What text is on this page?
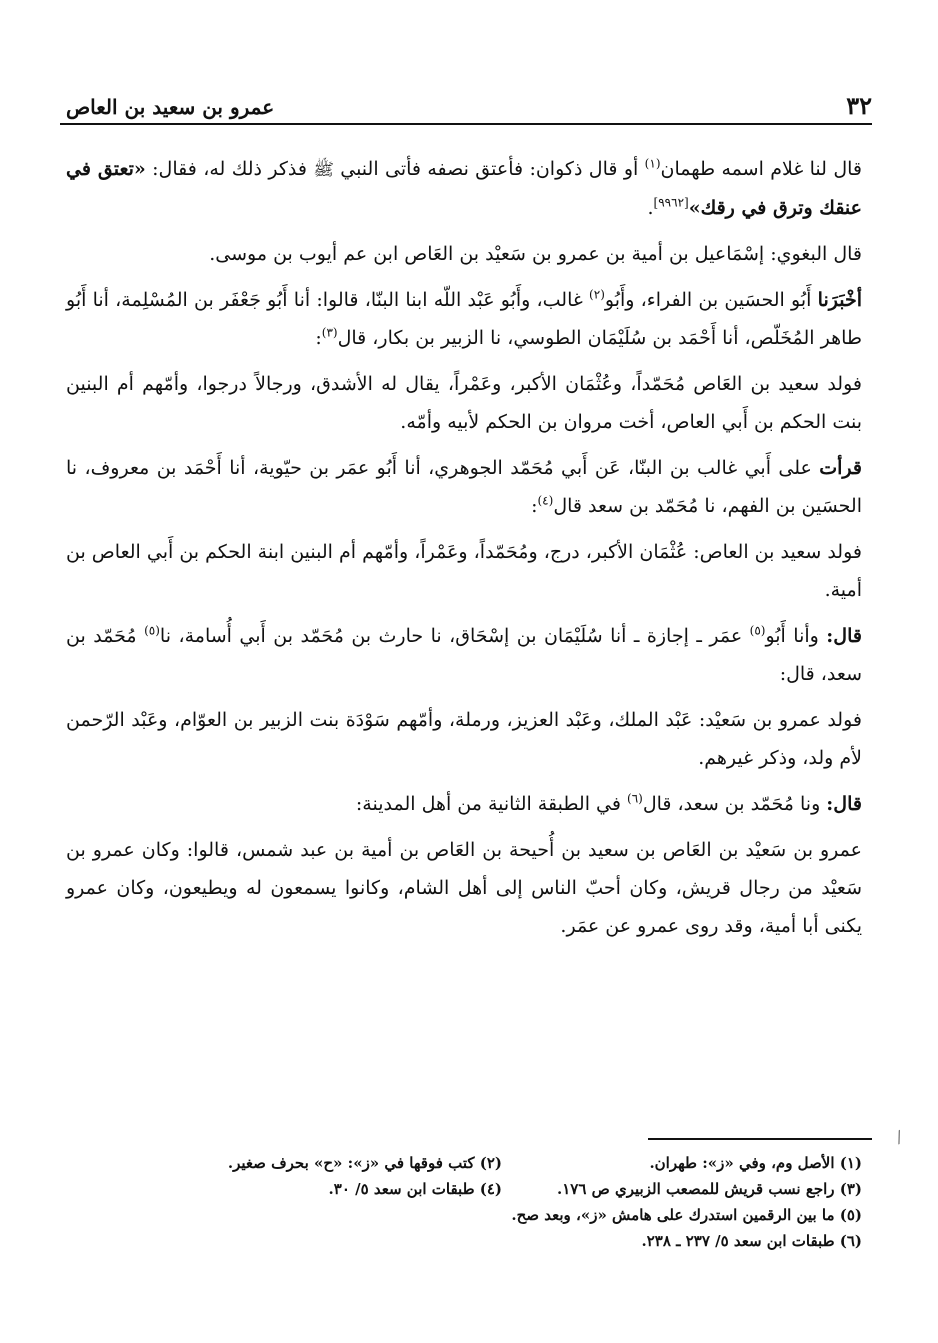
٣٢
عمرو بن سعيد بن العاص

قال لنا غلام اسمه طهمان$^{(١)}$ أو قال ذكوان: فأعتق نصفه فأتى النبي ﷺ فذكر ذلك له، فقال: «تعتق في عنقك وترق في رقك»[٩٩٦٢].

قال البغوي: إسْمَاعيل بن أمية بن عمرو بن سَعيْد بن العَاص ابن عم أيوب بن موسى.

أخْبَرَنا أَبُو الحسَين بن الفراء، وأَبُو$^{(٢)}$ غالب، وأَبُو عَبْد اللّه ابنا البنّا، قالوا: أنا أَبُو جَعْفَر بن المُسْلِمة، أنا أَبُو طاهر المُخَلّص، أنا أَحْمَد بن سُلَيْمَان الطوسي، نا الزبير بن بكار، قال$^{(٣)}$:

فولد سعيد بن العَاص مُحَمّداً، وعُثْمَان الأكبر، وعَمْراً، يقال له الأشدق، ورجالاً درجوا، وأمّهم أم البنين بنت الحكم بن أَبي العاص، أخت مروان بن الحكم لأبيه وأمّه.

قرأت على أَبي غالب بن البنّا، عَن أَبي مُحَمّد الجوهري، أنا أَبُو عمَر بن حيّوية، أنا أَحْمَد بن معروف، نا الحسَين بن الفهم، نا مُحَمّد بن سعد قال$^{(٤)}$:

فولد سعيد بن العاص: عُثْمَان الأكبر، درج، ومُحَمّداً، وعَمْراً، وأمّهم أم البنين ابنة الحكم بن أَبي العاص بن أمية.

قال: وأنا أَبُو$^{(٥)}$ عمَر ـ إجازة ـ أنا سُلَيْمَان بن إسْحَاق، نا حارث بن مُحَمّد بن أَبي أُسامة، نا$^{(٥)}$ مُحَمّد بن سعد، قال:

فولد عمرو بن سَعيْد: عَبْد الملك، وعَبْد العزيز، ورملة، وأمّهم سَوْدَة بنت الزبير بن العوّام، وعَبْد الرّحمن لأم ولد، وذكر غيرهم.

قال: ونا مُحَمّد بن سعد، قال$^{(٦)}$ في الطبقة الثانية من أهل المدينة:

عمرو بن سَعيْد بن العَاص بن سعيد بن أُحيحة بن العَاص بن أمية بن عبد شمس، قالوا: وكان عمرو بن سَعيْد من رجال قريش، وكان أحبّ الناس إلى أهل الشام، وكانوا يسمعون له ويطيعون، وكان عمرو يكنى أبا أمية، وقد روى عمرو عن عمَر.

(١) الأصل وم، وفي «ز»: طهران.
(٢) كتب فوقها في «ز»: «ح» بحرف صغير.
(٣) راجع نسب قريش للمصعب الزبيري ص ١٧٦.
(٤) طبقات ابن سعد ٥/ ٣٠.
(٥) ما بين الرقمين استدرك على هامش «ز»، وبعد صح.
(٦) طبقات ابن سعد ٥/ ٢٣٧ ـ ٢٣٨.
⁄
